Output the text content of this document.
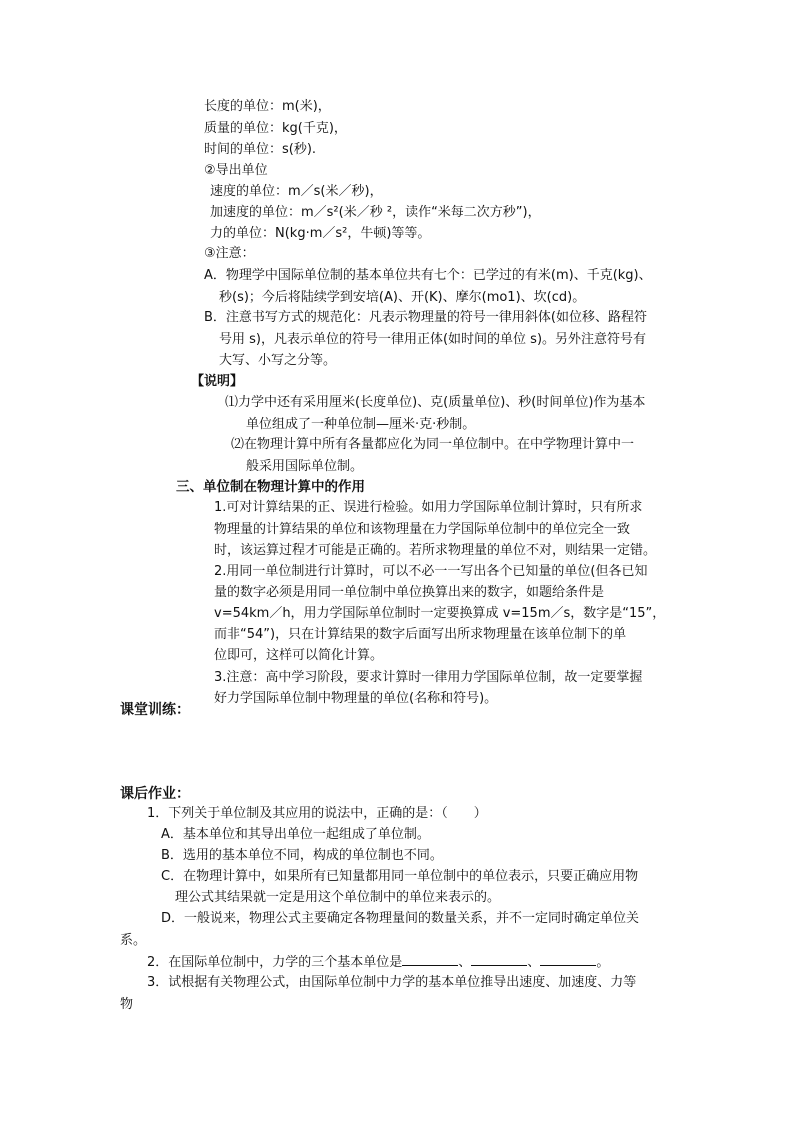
长度的单位：m(米)，
质量的单位：kg(千克)，
时间的单位：s(秒).
②导出单位
速度的单位：m／s(米／秒)，
加速度的单位：m／s²(米／秒 ²，读作“米每二次方秒”)，
力的单位：N(kg·m／s²，牛顿)等等。
③注意：
A．物理学中国际单位制的基本单位共有七个：已学过的有米(m)、千克(kg)、
秒(s)；今后将陆续学到安培(A)、开(K)、摩尔(mo1)、坎(cd)。
B．注意书写方式的规范化：凡表示物理量的符号一律用斜体(如位移、路程符
号用 s)，凡表示单位的符号一律用正体(如时间的单位 s)。另外注意符号有
大写、小写之分等。
【说明】
⑴力学中还有采用厘米(长度单位)、克(质量单位)、秒(时间单位)作为基本
单位组成了一种单位制—厘米·克·秒制。
⑵在物理计算中所有各量都应化为同一单位制中。在中学物理计算中一
般采用国际单位制。
三、单位制在物理计算中的作用
1.可对计算结果的正、误进行检验。如用力学国际单位制计算时，只有所求
物理量的计算结果的单位和该物理量在力学国际单位制中的单位完全一致
时，该运算过程才可能是正确的。若所求物理量的单位不对，则结果一定错。
2.用同一单位制进行计算时，可以不必一一写出各个已知量的单位(但各已知
量的数字必须是用同一单位制中单位换算出来的数字，如题给条件是
v=54km／h，用力学国际单位制时一定要换算成 v=15m／s，数字是“15”，
而非“54”)，只在计算结果的数字后面写出所求物理量在该单位制下的单
位即可，这样可以简化计算。
3.注意：高中学习阶段，要求计算时一律用力学国际单位制，故一定要掌握
好力学国际单位制中物理量的单位(名称和符号)。
课堂训练：
课后作业：
1．下列关于单位制及其应用的说法中，正确的是：（　　）
A．基本单位和其导出单位一起组成了单位制。
B．选用的基本单位不同，构成的单位制也不同。
C．在物理计算中，如果所有已知量都用同一单位制中的单位表示，只要正确应用物
理公式其结果就一定是用这个单位制中的单位来表示的。
D．一般说来，物理公式主要确定各物理量间的数量关系，并不一定同时确定单位关
系。
2．在国际单位制中，力学的三个基本单位是	、	、	。
3．试根据有关物理公式，由国际单位制中力学的基本单位推导出速度、加速度、力等
物
